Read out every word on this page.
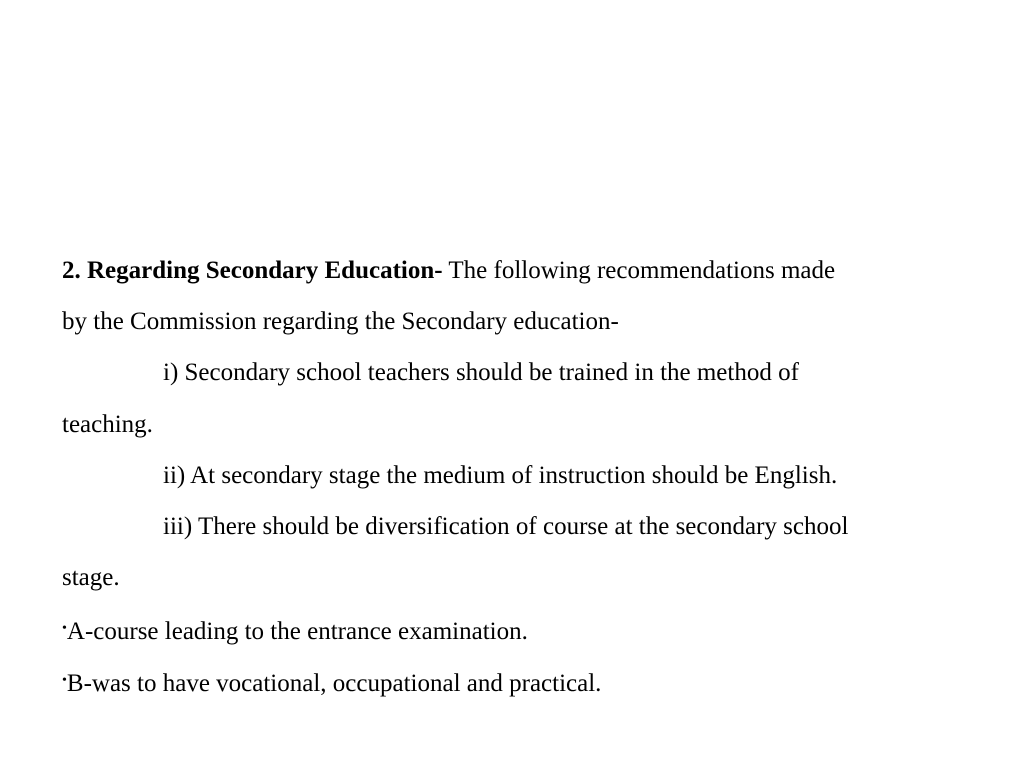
2. Regarding Secondary Education- The following recommendations made
by the Commission regarding the Secondary education-
i) Secondary school teachers should be trained in the method of
teaching.
ii) At secondary stage the medium of instruction should be English.
iii) There should be diversification of course at the secondary school
stage.
•A-course leading to the entrance examination.
•B-was to have vocational, occupational and practical.
